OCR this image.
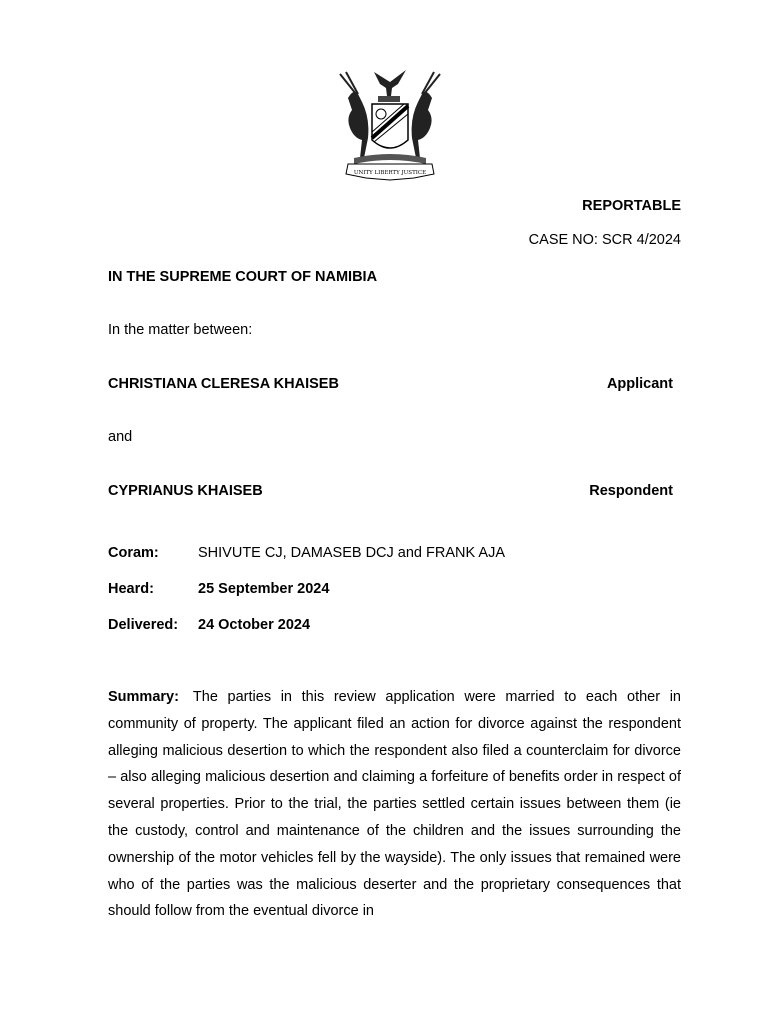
UNITY LIBERTY JUSTICE
REPORTABLE
CASE NO: SCR 4/2024
IN THE SUPREME COURT OF NAMIBIA
In the matter between:
CHRISTIANA CLERESA KHAISEB	Applicant
and
CYPRIANUS KHAISEB	Respondent
Coram:	SHIVUTE CJ, DAMASEB DCJ and FRANK AJA
Heard:	25 September 2024
Delivered: 24 October 2024
Summary: The parties in this review application were married to each other in community of property. The applicant filed an action for divorce against the respondent alleging malicious desertion to which the respondent also filed a counterclaim for divorce – also alleging malicious desertion and claiming a forfeiture of benefits order in respect of several properties. Prior to the trial, the parties settled certain issues between them (ie the custody, control and maintenance of the children and the issues surrounding the ownership of the motor vehicles fell by the wayside). The only issues that remained were who of the parties was the malicious deserter and the proprietary consequences that should follow from the eventual divorce in
